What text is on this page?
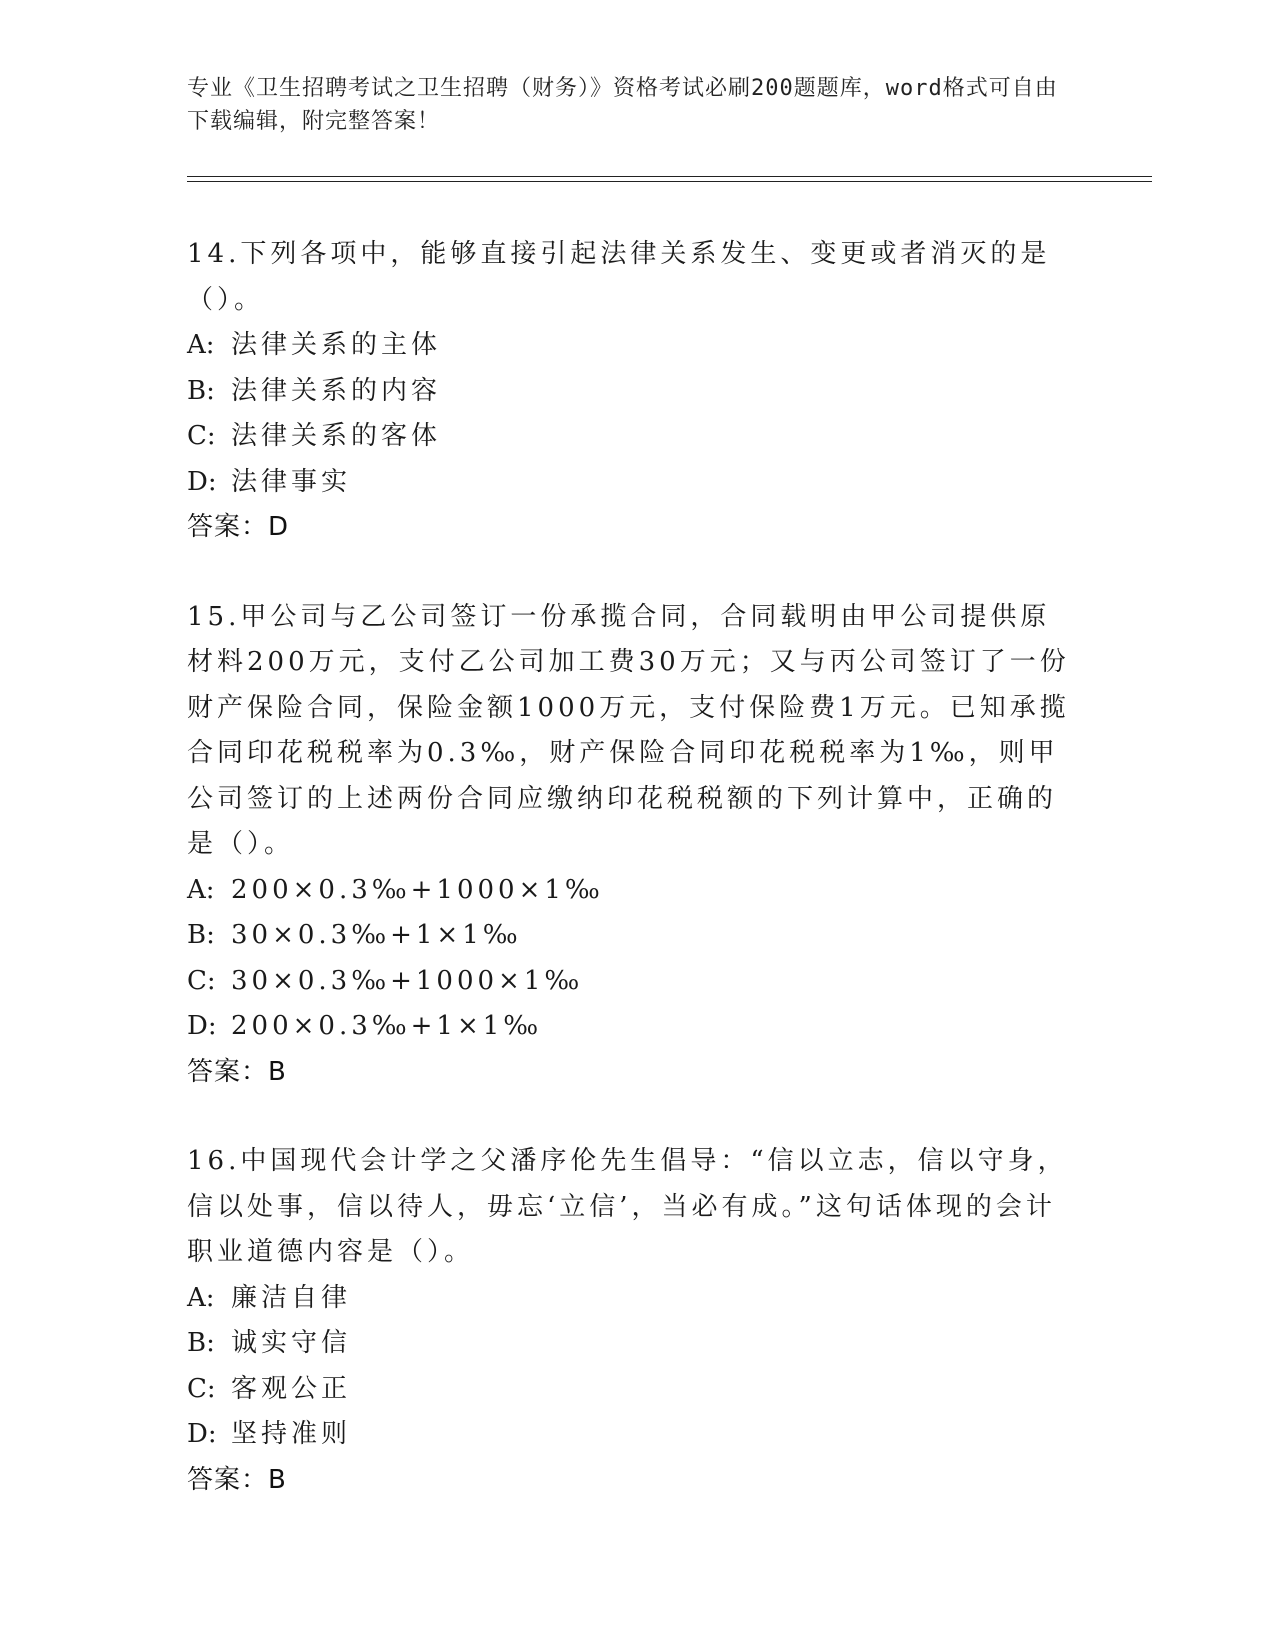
专业《卫生招聘考试之卫生招聘（财务）》资格考试必刷200题题库，word格式可自由下载编辑，附完整答案！

14.下列各项中，能够直接引起法律关系发生、变更或者消灭的是（）。

A: 法律关系的主体

B: 法律关系的内容

C: 法律关系的客体

D: 法律事实

答案：D

15.甲公司与乙公司签订一份承揽合同，合同载明由甲公司提供原材料200万元，支付乙公司加工费30万元；又与丙公司签订了一份财产保险合同，保险金额1000万元，支付保险费1万元。已知承揽合同印花税税率为0.3‰，财产保险合同印花税税率为1‰，则甲公司签订的上述两份合同应缴纳印花税税额的下列计算中，正确的是（）。

A: 200×0.3‰+1000×1‰

B: 30×0.3‰+1×1‰

C: 30×0.3‰+1000×1‰

D: 200×0.3‰+1×1‰

答案：B

16.中国现代会计学之父潘序伦先生倡导：“信以立志，信以守身，信以处事，信以待人，毋忘‘立信’，当必有成。”这句话体现的会计职业道德内容是（）。

A: 廉洁自律

B: 诚实守信

C: 客观公正

D: 坚持准则

答案：B
